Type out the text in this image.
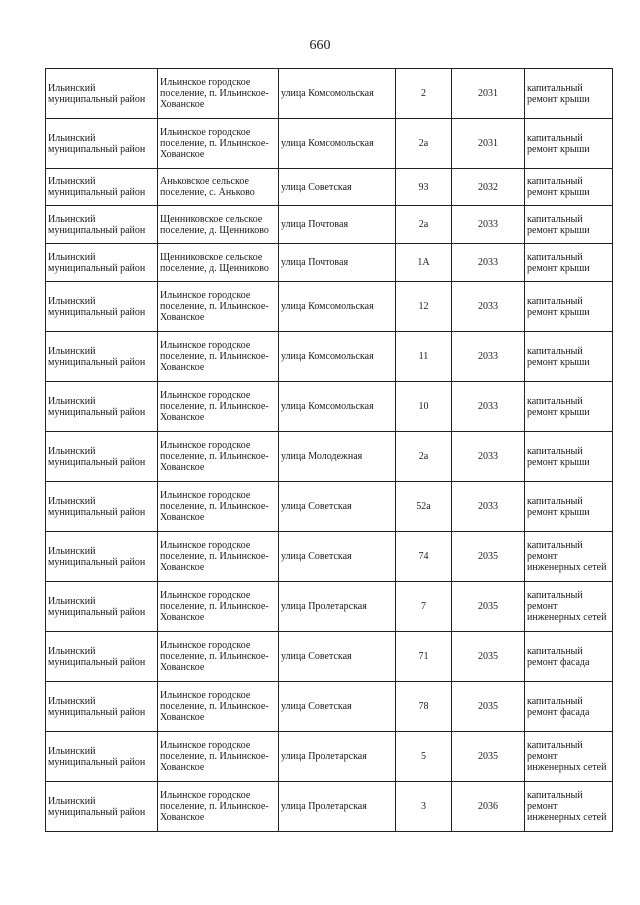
660
Ильинский муниципальный район	Ильинское городское поселение, п. Ильинское-Хованское	улица Комсомольская	2	2031	капитальный ремонт крыши
Ильинский муниципальный район	Ильинское городское поселение, п. Ильинское-Хованское	улица Комсомольская	2а	2031	капитальный ремонт крыши
Ильинский муниципальный район	Аньковское сельское поселение, с. Аньково	улица Советская	93	2032	капитальный ремонт крыши
Ильинский муниципальный район	Щенниковское сельское поселение, д. Щенниково	улица Почтовая	2а	2033	капитальный ремонт крыши
Ильинский муниципальный район	Щенниковское сельское поселение, д. Щенниково	улица Почтовая	1А	2033	капитальный ремонт крыши
Ильинский муниципальный район	Ильинское городское поселение, п. Ильинское-Хованское	улица Комсомольская	12	2033	капитальный ремонт крыши
Ильинский муниципальный район	Ильинское городское поселение, п. Ильинское-Хованское	улица Комсомольская	11	2033	капитальный ремонт крыши
Ильинский муниципальный район	Ильинское городское поселение, п. Ильинское-Хованское	улица Комсомольская	10	2033	капитальный ремонт крыши
Ильинский муниципальный район	Ильинское городское поселение, п. Ильинское-Хованское	улица Молодежная	2а	2033	капитальный ремонт крыши
Ильинский муниципальный район	Ильинское городское поселение, п. Ильинское-Хованское	улица Советская	52а	2033	капитальный ремонт крыши
Ильинский муниципальный район	Ильинское городское поселение, п. Ильинское-Хованское	улица Советская	74	2035	капитальный ремонт инженерных сетей
Ильинский муниципальный район	Ильинское городское поселение, п. Ильинское-Хованское	улица Пролетарская	7	2035	капитальный ремонт инженерных сетей
Ильинский муниципальный район	Ильинское городское поселение, п. Ильинское-Хованское	улица Советская	71	2035	капитальный ремонт фасада
Ильинский муниципальный район	Ильинское городское поселение, п. Ильинское-Хованское	улица Советская	78	2035	капитальный ремонт фасада
Ильинский муниципальный район	Ильинское городское поселение, п. Ильинское-Хованское	улица Пролетарская	5	2035	капитальный ремонт инженерных сетей
Ильинский муниципальный район	Ильинское городское поселение, п. Ильинское-Хованское	улица Пролетарская	3	2036	капитальный ремонт инженерных сетей
